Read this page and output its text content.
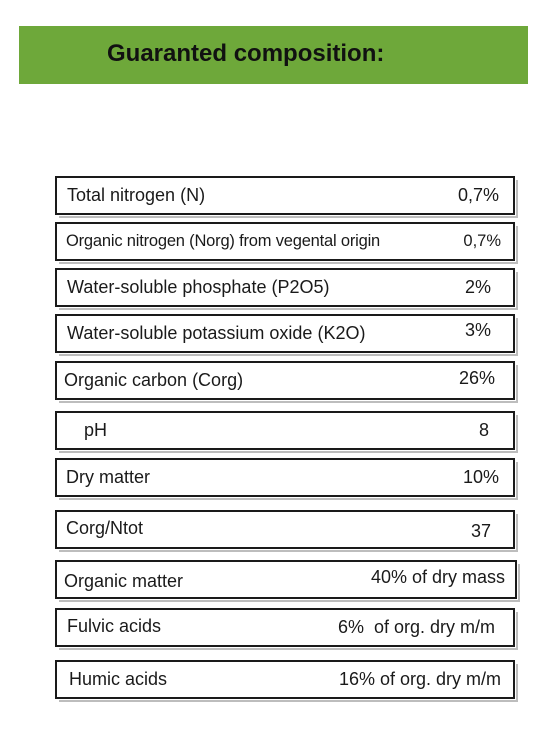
Guaranted composition:
Total nitrogen (N)	0,7%
Organic nitrogen (Norg) from vegental origin	0,7%
Water-soluble phosphate (P2O5)	2%
Water-soluble potassium oxide (K2O)	3%
Organic carbon (Corg)	26%
pH	8
Dry matter	10%
Corg/Ntot	37
Organic matter	40% of dry mass
Fulvic acids	6%  of org. dry m/m
Humic acids	16% of org. dry m/m
